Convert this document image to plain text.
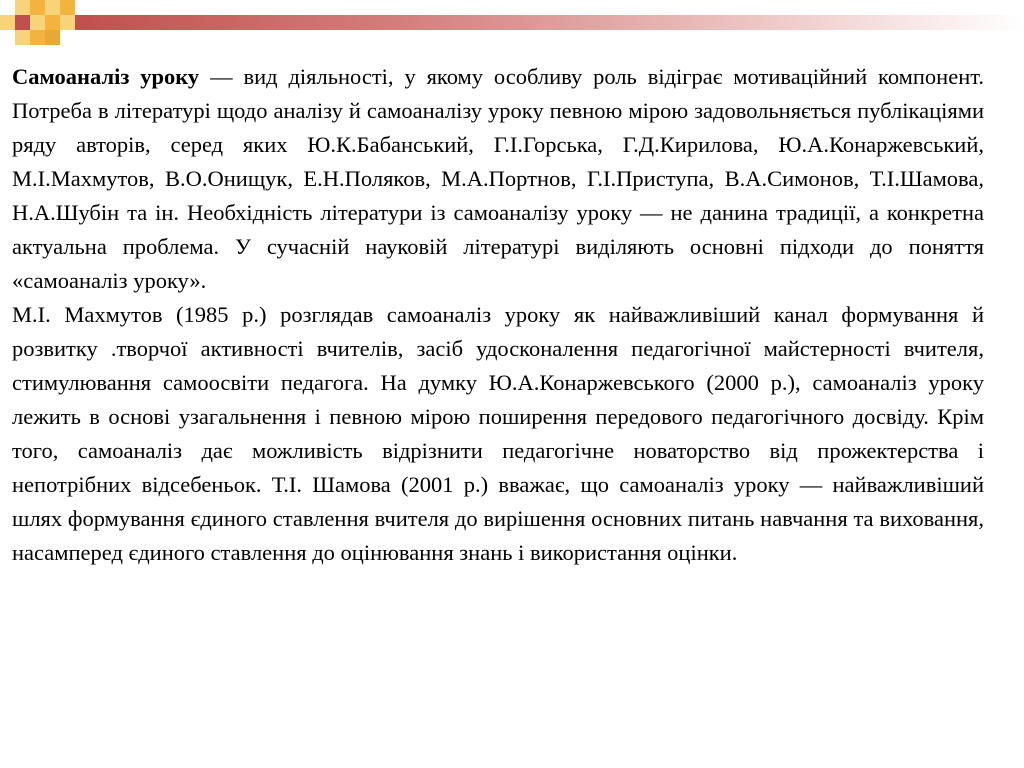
Самоаналіз уроку — вид діяльності, у якому особливу роль відіграє мотиваційний компонент. Потреба в літературі щодо аналізу й самоаналізу уроку певною мірою задовольняється публікаціями ряду авторів, серед яких Ю.К.Бабанський, Г.І.Горська, Г.Д.Кирилова, Ю.А.Конаржевський, М.І.Махмутов, В.О.Онищук, Е.Н.Поляков, М.А.Портнов, Г.І.Приступа, В.А.Симонов, Т.І.Шамова, Н.А.Шубін та ін. Необхідність літератури із самоаналізу уроку — не данина традиції, а конкретна актуальна проблема. У сучасній науковій літературі виділяють основні підходи до поняття «самоаналіз уроку».

М.І. Махмутов (1985 р.) розглядав самоаналіз уроку як найважливіший канал формування й розвитку .творчої активності вчителів, засіб удосконалення педагогічної майстерності вчителя, стимулювання самоосвіти педагога. На думку Ю.А.Конаржевського (2000 р.), самоаналіз уроку лежить в основі узагальнення і певною мірою поширення передового педагогічного досвіду. Крім того, самоаналіз дає можливість відрізнити педагогічне новаторство від прожектерства і непотрібних відсебеньок. Т.І. Шамова (2001 р.) вважає, що самоаналіз уроку — найважливіший шлях формування єдиного ставлення вчителя до вирішення основних питань навчання та виховання, насамперед єдиного ставлення до оцінювання знань і використання оцінки.
